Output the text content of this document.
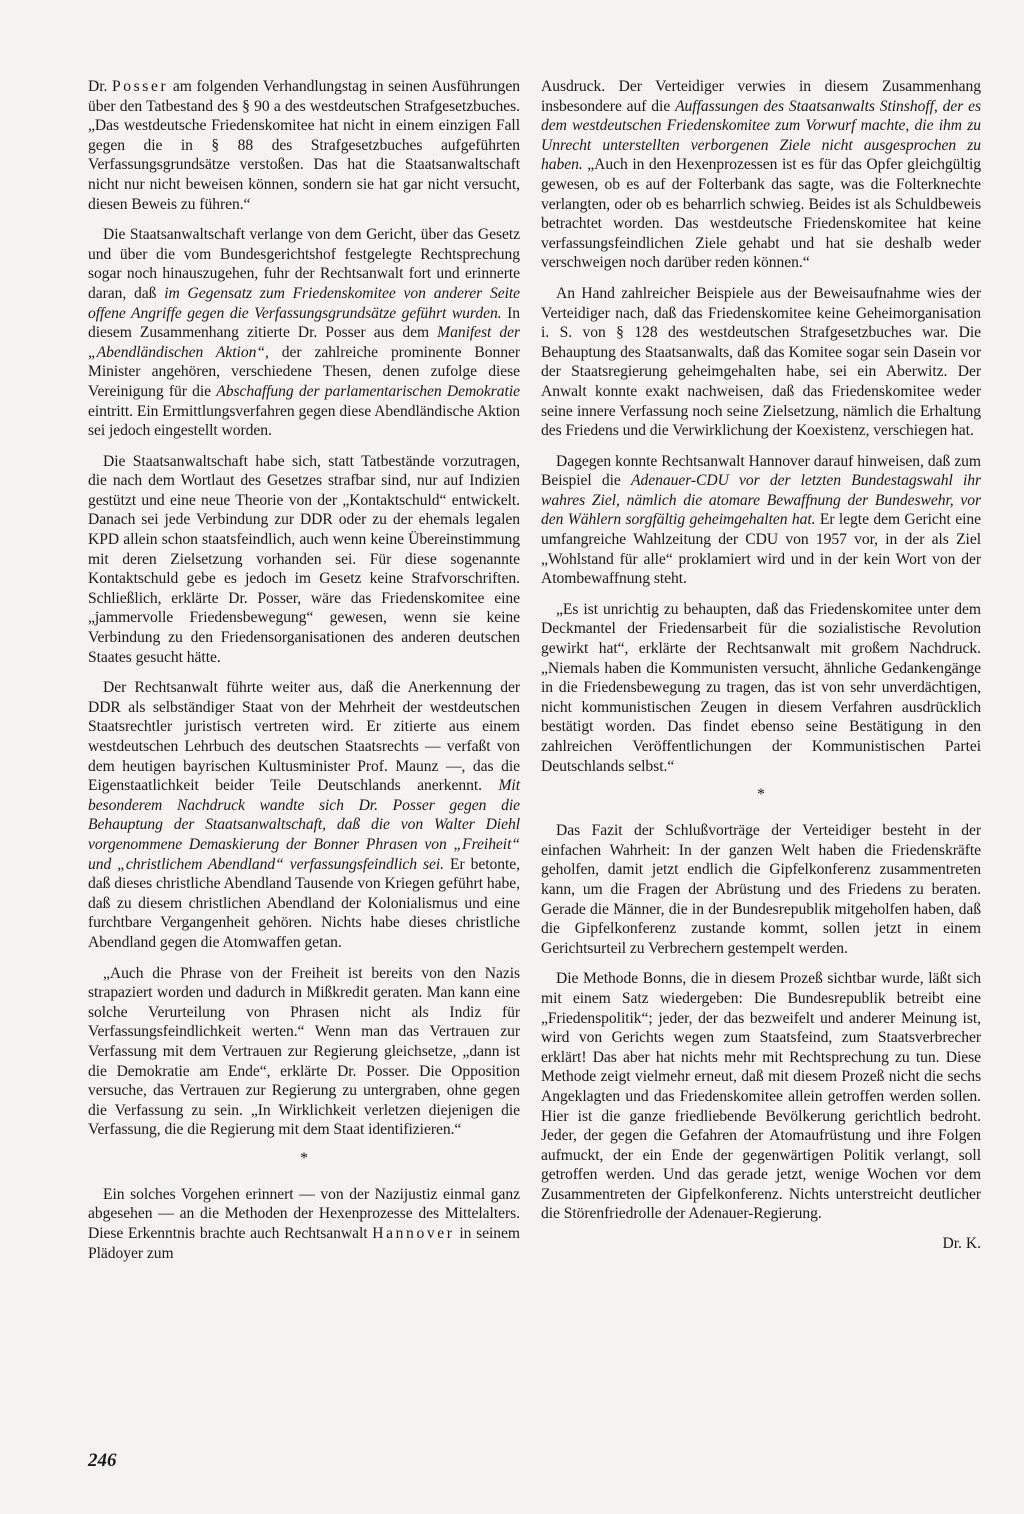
Dr. Posser am folgenden Verhandlungstag in seinen Ausführungen über den Tatbestand des § 90 a des westdeutschen Strafgesetzbuches. „Das westdeutsche Friedenskomitee hat nicht in einem einzigen Fall gegen die in § 88 des Strafgesetzbuches aufgeführten Verfassungsgrundsätze verstoßen. Das hat die Staatsanwaltschaft nicht nur nicht beweisen können, sondern sie hat gar nicht versucht, diesen Beweis zu führen.“

Die Staatsanwaltschaft verlange von dem Gericht, über das Gesetz und über die vom Bundesgerichtshof festgelegte Rechtsprechung sogar noch hinauszugehen, fuhr der Rechtsanwalt fort und erinnerte daran, daß im Gegensatz zum Friedenskomitee von anderer Seite offene Angriffe gegen die Verfassungsgrundsätze geführt wurden. In diesem Zusammenhang zitierte Dr. Posser aus dem Manifest der „Abendländischen Aktion“, der zahlreiche prominente Bonner Minister angehören, verschiedene Thesen, denen zufolge diese Vereinigung für die Abschaffung der parlamentarischen Demokratie eintritt. Ein Ermittlungsverfahren gegen diese Abendländische Aktion sei jedoch eingestellt worden.

Die Staatsanwaltschaft habe sich, statt Tatbestände vorzutragen, die nach dem Wortlaut des Gesetzes strafbar sind, nur auf Indizien gestützt und eine neue Theorie von der „Kontaktschuld“ entwickelt. Danach sei jede Verbindung zur DDR oder zu der ehemals legalen KPD allein schon staatsfeindlich, auch wenn keine Übereinstimmung mit deren Zielsetzung vorhanden sei. Für diese sogenannte Kontaktschuld gebe es jedoch im Gesetz keine Strafvorschriften. Schließlich, erklärte Dr. Posser, wäre das Friedenskomitee eine „jammervolle Friedensbewegung“ gewesen, wenn sie keine Verbindung zu den Friedensorganisationen des anderen deutschen Staates gesucht hätte.

Der Rechtsanwalt führte weiter aus, daß die Anerkennung der DDR als selbständiger Staat von der Mehrheit der westdeutschen Staatsrechtler juristisch vertreten wird. Er zitierte aus einem westdeutschen Lehrbuch des deutschen Staatsrechts — verfaßt von dem heutigen bayrischen Kultusminister Prof. Maunz —, das die Eigenstaatlichkeit beider Teile Deutschlands anerkennt. Mit besonderem Nachdruck wandte sich Dr. Posser gegen die Behauptung der Staatsanwaltschaft, daß die von Walter Diehl vorgenommene Demaskierung der Bonner Phrasen von „Freiheit“ und „christlichem Abendland“ verfassungsfeindlich sei. Er betonte, daß dieses christliche Abendland Tausende von Kriegen geführt habe, daß zu diesem christlichen Abendland der Kolonialismus und eine furchtbare Vergangenheit gehören. Nichts habe dieses christliche Abendland gegen die Atomwaffen getan.

„Auch die Phrase von der Freiheit ist bereits von den Nazis strapaziert worden und dadurch in Mißkredit geraten. Man kann eine solche Verurteilung von Phrasen nicht als Indiz für Verfassungsfeindlichkeit werten.“ Wenn man das Vertrauen zur Verfassung mit dem Vertrauen zur Regierung gleichsetze, „dann ist die Demokratie am Ende“, erklärte Dr. Posser. Die Opposition versuche, das Vertrauen zur Regierung zu untergraben, ohne gegen die Verfassung zu sein. „In Wirklichkeit verletzen diejenigen die Verfassung, die die Regierung mit dem Staat identifizieren.“

*

Ein solches Vorgehen erinnert — von der Nazijustiz einmal ganz abgesehen — an die Methoden der Hexenprozesse des Mittelalters. Diese Erkenntnis brachte auch Rechtsanwalt Hannover in seinem Plädoyer zum

Ausdruck. Der Verteidiger verwies in diesem Zusammenhang insbesondere auf die Auffassungen des Staatsanwalts Stinshoff, der es dem westdeutschen Friedenskomitee zum Vorwurf machte, die ihm zu Unrecht unterstellten verborgenen Ziele nicht ausgesprochen zu haben. „Auch in den Hexenprozessen ist es für das Opfer gleichgültig gewesen, ob es auf der Folterbank das sagte, was die Folterknechte verlangten, oder ob es beharrlich schwieg. Beides ist als Schuldbeweis betrachtet worden. Das westdeutsche Friedenskomitee hat keine verfassungsfeindlichen Ziele gehabt und hat sie deshalb weder verschweigen noch darüber reden können.“

An Hand zahlreicher Beispiele aus der Beweisaufnahme wies der Verteidiger nach, daß das Friedenskomitee keine Geheimorganisation i. S. von § 128 des westdeutschen Strafgesetzbuches war. Die Behauptung des Staatsanwalts, daß das Komitee sogar sein Dasein vor der Staatsregierung geheimgehalten habe, sei ein Aberwitz. Der Anwalt konnte exakt nachweisen, daß das Friedenskomitee weder seine innere Verfassung noch seine Zielsetzung, nämlich die Erhaltung des Friedens und die Verwirklichung der Koexistenz, verschiegen hat.

Dagegen konnte Rechtsanwalt Hannover darauf hinweisen, daß zum Beispiel die Adenauer-CDU vor der letzten Bundestagswahl ihr wahres Ziel, nämlich die atomare Bewaffnung der Bundeswehr, vor den Wählern sorgfältig geheimgehalten hat. Er legte dem Gericht eine umfangreiche Wahlzeitung der CDU von 1957 vor, in der als Ziel „Wohlstand für alle“ proklamiert wird und in der kein Wort von der Atombewaffnung steht.

„Es ist unrichtig zu behaupten, daß das Friedenskomitee unter dem Deckmantel der Friedensarbeit für die sozialistische Revolution gewirkt hat“, erklärte der Rechtsanwalt mit großem Nachdruck. „Niemals haben die Kommunisten versucht, ähnliche Gedankengänge in die Friedensbewegung zu tragen, das ist von sehr unverdächtigen, nicht kommunistischen Zeugen in diesem Verfahren ausdrücklich bestätigt worden. Das findet ebenso seine Bestätigung in den zahlreichen Veröffentlichungen der Kommunistischen Partei Deutschlands selbst.“

*

Das Fazit der Schlußvorträge der Verteidiger besteht in der einfachen Wahrheit: In der ganzen Welt haben die Friedenskräfte geholfen, damit jetzt endlich die Gipfelkonferenz zusammentreten kann, um die Fragen der Abrüstung und des Friedens zu beraten. Gerade die Männer, die in der Bundesrepublik mitgeholfen haben, daß die Gipfelkonferenz zustande kommt, sollen jetzt in einem Gerichtsurteil zu Verbrechern gestempelt werden.

Die Methode Bonns, die in diesem Prozeß sichtbar wurde, läßt sich mit einem Satz wiedergeben: Die Bundesrepublik betreibt eine „Friedenspolitik“; jeder, der das bezweifelt und anderer Meinung ist, wird von Gerichts wegen zum Staatsfeind, zum Staatsverbrecher erklärt! Das aber hat nichts mehr mit Rechtsprechung zu tun. Diese Methode zeigt vielmehr erneut, daß mit diesem Prozeß nicht die sechs Angeklagten und das Friedenskomitee allein getroffen werden sollen. Hier ist die ganze friedliebende Bevölkerung gerichtlich bedroht. Jeder, der gegen die Gefahren der Atomaufrüstung und ihre Folgen aufmuckt, der ein Ende der gegenwärtigen Politik verlangt, soll getroffen werden. Und das gerade jetzt, wenige Wochen vor dem Zusammentreten der Gipfelkonferenz. Nichts unterstreicht deutlicher die Störenfriedrolle der Adenauer-Regierung.

Dr. K.
246
